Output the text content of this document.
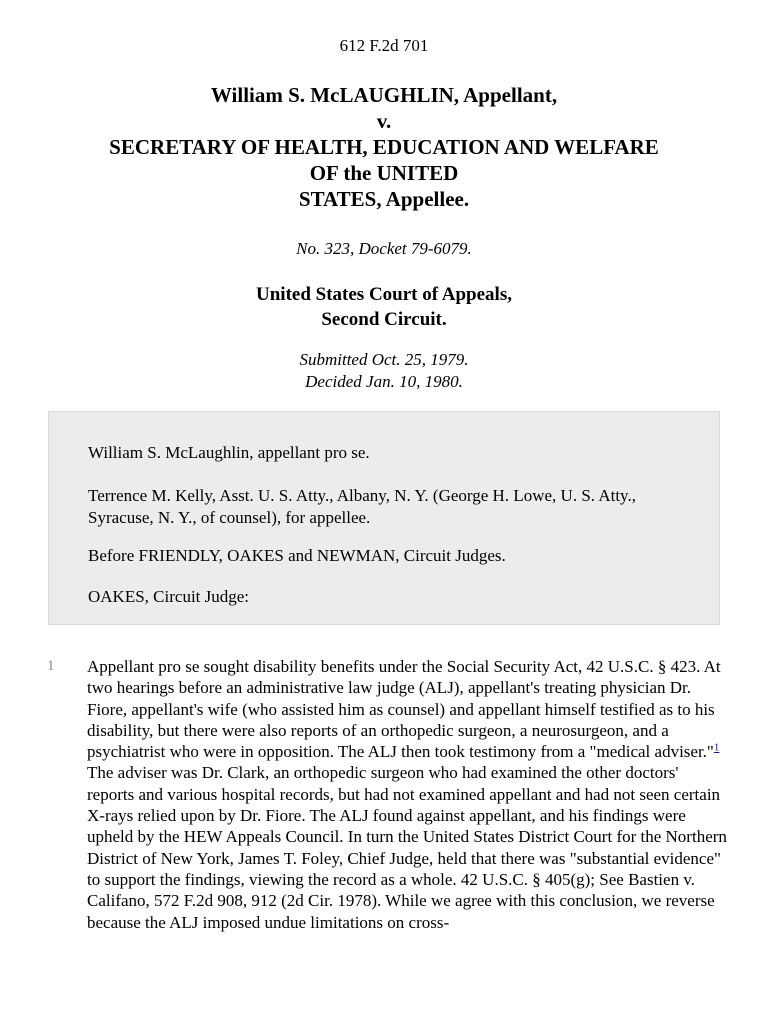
612 F.2d 701
William S. McLAUGHLIN, Appellant,
v.
SECRETARY OF HEALTH, EDUCATION AND WELFARE
OF the UNITED
STATES, Appellee.
No. 323, Docket 79-6079.
United States Court of Appeals,
Second Circuit.
Submitted Oct. 25, 1979.
Decided Jan. 10, 1980.

William S. McLaughlin, appellant pro se.

Terrence M. Kelly, Asst. U. S. Atty., Albany, N. Y. (George H. Lowe, U. S. Atty., Syracuse, N. Y., of counsel), for appellee.

Before FRIENDLY, OAKES and NEWMAN, Circuit Judges.

OAKES, Circuit Judge:

1 Appellant pro se sought disability benefits under the Social Security Act, 42 U.S.C. § 423. At two hearings before an administrative law judge (ALJ), appellant's treating physician Dr. Fiore, appellant's wife (who assisted him as counsel) and appellant himself testified as to his disability, but there were also reports of an orthopedic surgeon, a neurosurgeon, and a psychiatrist who were in opposition. The ALJ then took testimony from a "medical adviser."$^1$ The adviser was Dr. Clark, an orthopedic surgeon who had examined the other doctors' reports and various hospital records, but had not examined appellant and had not seen certain X-rays relied upon by Dr. Fiore. The ALJ found against appellant, and his findings were upheld by the HEW Appeals Council. In turn the United States District Court for the Northern District of New York, James T. Foley, Chief Judge, held that there was "substantial evidence" to support the findings, viewing the record as a whole. 42 U.S.C. § 405(g); See Bastien v. Califano, 572 F.2d 908, 912 (2d Cir. 1978). While we agree with this conclusion, we reverse because the ALJ imposed undue limitations on cross-
